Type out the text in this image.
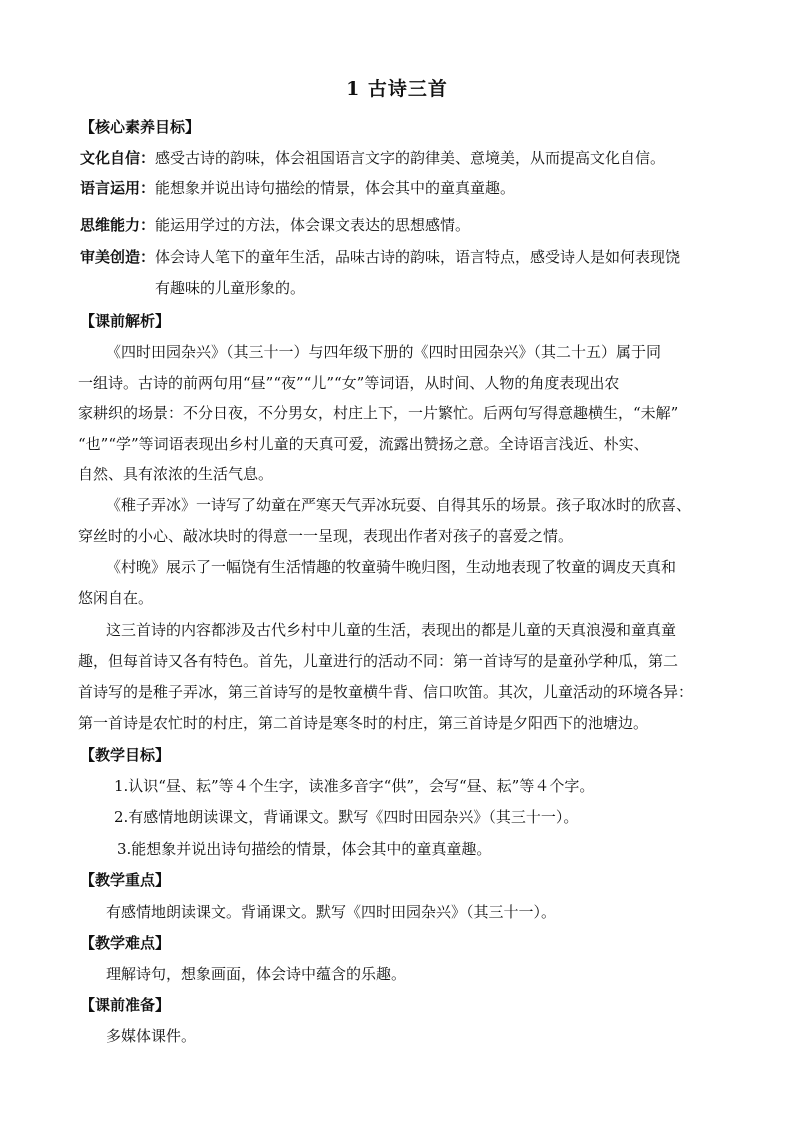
1 古诗三首
【核心素养目标】
文化自信：感受古诗的韵味，体会祖国语言文字的韵律美、意境美，从而提高文化自信。
语言运用：能想象并说出诗句描绘的情景，体会其中的童真童趣。
思维能力：能运用学过的方法，体会课文表达的思想感情。
审美创造：体会诗人笔下的童年生活，品味古诗的韵味，语言特点，感受诗人是如何表现饶
有趣味的儿童形象的。
【课前解析】
《四时田园杂兴》（其三十一）与四年级下册的《四时田园杂兴》（其二十五）属于同
一组诗。古诗的前两句用“昼”“夜”“儿”“女”等词语，从时间、人物的角度表现出农
家耕织的场景：不分日夜，不分男女，村庄上下，一片繁忙。后两句写得意趣横生，“未解”
“也”“学”等词语表现出乡村儿童的天真可爱，流露出赞扬之意。全诗语言浅近、朴实、
自然、具有浓浓的生活气息。
《稚子弄冰》一诗写了幼童在严寒天气弄冰玩耍、自得其乐的场景。孩子取冰时的欣喜、
穿丝时的小心、敲冰块时的得意一一呈现，表现出作者对孩子的喜爱之情。
《村晚》展示了一幅饶有生活情趣的牧童骑牛晚归图，生动地表现了牧童的调皮天真和
悠闲自在。
这三首诗的内容都涉及古代乡村中儿童的生活，表现出的都是儿童的天真浪漫和童真童
趣，但每首诗又各有特色。首先，儿童进行的活动不同：第一首诗写的是童孙学种瓜，第二
首诗写的是稚子弄冰，第三首诗写的是牧童横牛背、信口吹笛。其次，儿童活动的环境各异：
第一首诗是农忙时的村庄，第二首诗是寒冬时的村庄，第三首诗是夕阳西下的池塘边。
【教学目标】
1.认识“昼、耘”等４个生字，读准多音字“供”，会写“昼、耘”等４个字。
2.有感情地朗读课文，背诵课文。默写《四时田园杂兴》（其三十一）。
3.能想象并说出诗句描绘的情景，体会其中的童真童趣。
【教学重点】
有感情地朗读课文。背诵课文。默写《四时田园杂兴》（其三十一）。
【教学难点】
理解诗句，想象画面，体会诗中蕴含的乐趣。
【课前准备】
多媒体课件。
